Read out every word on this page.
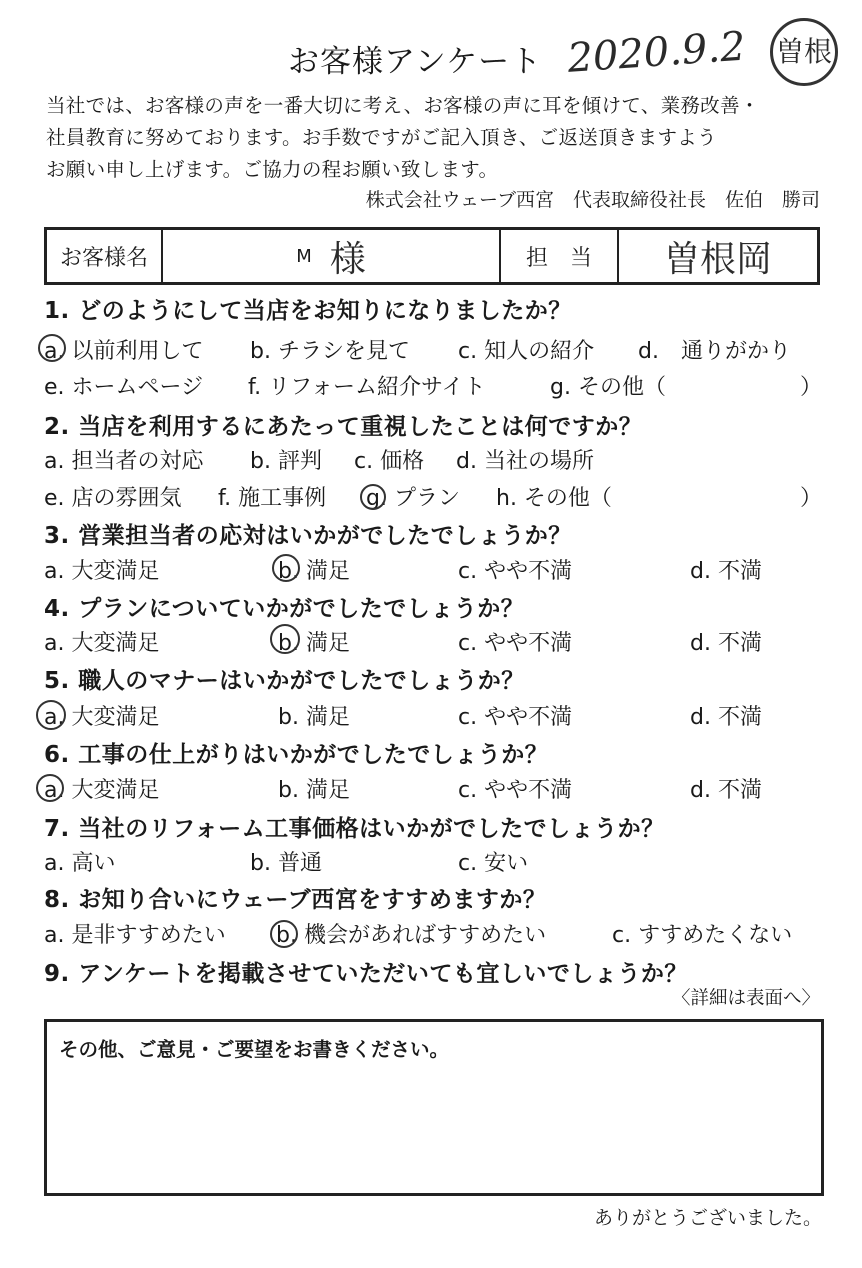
お客様アンケート 2020.9.2 曽根
当社では、お客様の声を一番大切に考え、お客様の声に耳を傾けて、業務改善・
社員教育に努めております。お手数ですがご記入頂き、ご返送頂きますよう
お願い申し上げます。ご協力の程お願い致します。
株式会社ウェーブ西宮　代表取締役社長　佐伯　勝司
お客様名	M 様	担　当	曽根岡
1. どのようにして当店をお知りになりましたか？
a. 以前利用して b. チラシを見て c. 知人の紹介 d.　通りがかり
e. ホームページ f. リフォーム紹介サイト	g. その他（	）
2. 当店を利用するにあたって重視したことは何ですか？
a. 担当者の対応 b. 評判 c. 価格 d. 当社の場所
e. 店の雰囲気 f. 施工事例 g. プラン h. その他（	）
3. 営業担当者の応対はいかがでしたでしょうか？
a. 大変満足	b. 満足	c. やや不満	d. 不満
4. プランについていかがでしたでしょうか？
a. 大変満足	b. 満足	c. やや不満	d. 不満
5. 職人のマナーはいかがでしたでしょうか？
a. 大変満足	b. 満足	c. やや不満	d. 不満
6. 工事の仕上がりはいかがでしたでしょうか？
a. 大変満足	b. 満足	c. やや不満	d. 不満
7. 当社のリフォーム工事価格はいかがでしたでしょうか？
a. 高い	b. 普通	c. 安い
8. お知り合いにウェーブ西宮をすすめますか？
a. 是非すすめたい b. 機会があればすすめたい	c. すすめたくない
9. アンケートを掲載させていただいても宜しいでしょうか？
〈詳細は表面へ〉
その他、ご意見・ご要望をお書きください。
ありがとうございました。
